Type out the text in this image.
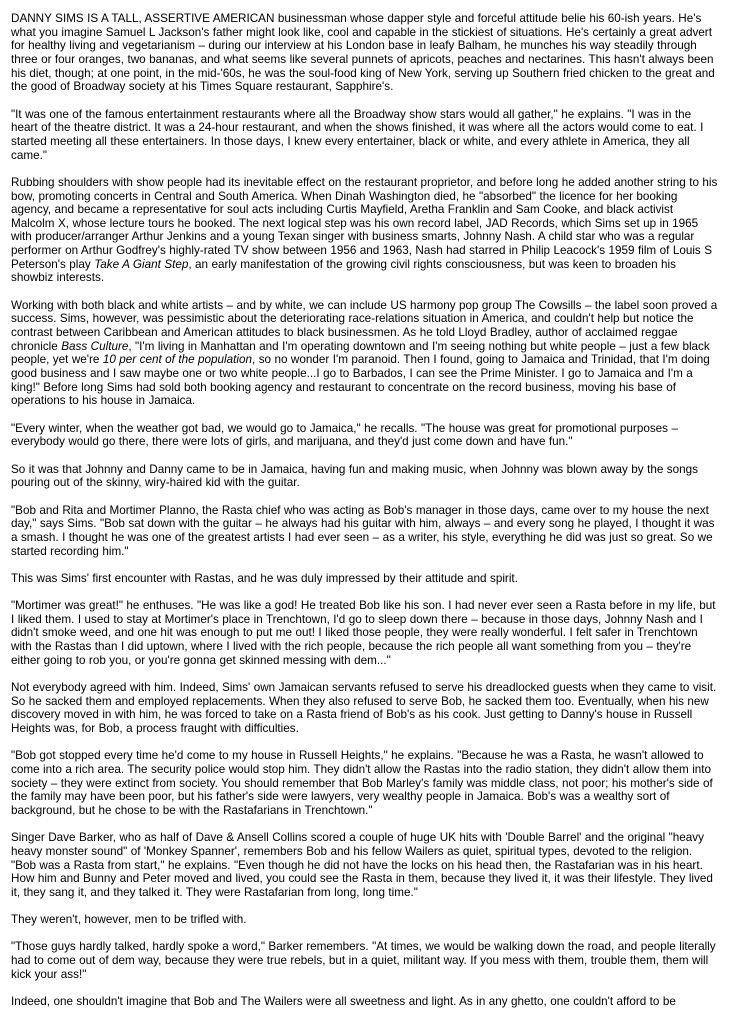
DANNY SIMS IS A TALL, ASSERTIVE AMERICAN businessman whose dapper style and forceful attitude belie his 60-ish years. He's what you imagine Samuel L Jackson's father might look like, cool and capable in the stickiest of situations. He's certainly a great advert for healthy living and vegetarianism – during our interview at his London base in leafy Balham, he munches his way steadily through three or four oranges, two bananas, and what seems like several punnets of apricots, peaches and nectarines. This hasn't always been his diet, though; at one point, in the mid-'60s, he was the soul-food king of New York, serving up Southern fried chicken to the great and the good of Broadway society at his Times Square restaurant, Sapphire's.

"It was one of the famous entertainment restaurants where all the Broadway show stars would all gather," he explains. "I was in the heart of the theatre district. It was a 24-hour restaurant, and when the shows finished, it was where all the actors would come to eat. I started meeting all these entertainers. In those days, I knew every entertainer, black or white, and every athlete in America, they all came."

Rubbing shoulders with show people had its inevitable effect on the restaurant proprietor, and before long he added another string to his bow, promoting concerts in Central and South America. When Dinah Washington died, he "absorbed" the licence for her booking agency, and became a representative for soul acts including Curtis Mayfield, Aretha Franklin and Sam Cooke, and black activist Malcolm X, whose lecture tours he booked. The next logical step was his own record label, JAD Records, which Sims set up in 1965 with producer/arranger Arthur Jenkins and a young Texan singer with business smarts, Johnny Nash. A child star who was a regular performer on Arthur Godfrey's highly-rated TV show between 1956 and 1963, Nash had starred in Philip Leacock's 1959 film of Louis S Peterson's play Take A Giant Step, an early manifestation of the growing civil rights consciousness, but was keen to broaden his showbiz interests.

Working with both black and white artists – and by white, we can include US harmony pop group The Cowsills – the label soon proved a success. Sims, however, was pessimistic about the deteriorating race-relations situation in America, and couldn't help but notice the contrast between Caribbean and American attitudes to black businessmen. As he told Lloyd Bradley, author of acclaimed reggae chronicle Bass Culture, "I'm living in Manhattan and I'm operating downtown and I'm seeing nothing but white people – just a few black people, yet we're 10 per cent of the population, so no wonder I'm paranoid. Then I found, going to Jamaica and Trinidad, that I'm doing good business and I saw maybe one or two white people...I go to Barbados, I can see the Prime Minister. I go to Jamaica and I'm a king!" Before long Sims had sold both booking agency and restaurant to concentrate on the record business, moving his base of operations to his house in Jamaica.

"Every winter, when the weather got bad, we would go to Jamaica," he recalls. "The house was great for promotional purposes – everybody would go there, there were lots of girls, and marijuana, and they'd just come down and have fun."

So it was that Johnny and Danny came to be in Jamaica, having fun and making music, when Johnny was blown away by the songs pouring out of the skinny, wiry-haired kid with the guitar.

"Bob and Rita and Mortimer Planno, the Rasta chief who was acting as Bob's manager in those days, came over to my house the next day," says Sims. "Bob sat down with the guitar – he always had his guitar with him, always – and every song he played, I thought it was a smash. I thought he was one of the greatest artists I had ever seen – as a writer, his style, everything he did was just so great. So we started recording him."

This was Sims' first encounter with Rastas, and he was duly impressed by their attitude and spirit.

"Mortimer was great!" he enthuses. "He was like a god! He treated Bob like his son. I had never ever seen a Rasta before in my life, but I liked them. I used to stay at Mortimer's place in Trenchtown, I'd go to sleep down there – because in those days, Johnny Nash and I didn't smoke weed, and one hit was enough to put me out! I liked those people, they were really wonderful. I felt safer in Trenchtown with the Rastas than I did uptown, where I lived with the rich people, because the rich people all want something from you – they're either going to rob you, or you're gonna get skinned messing with dem..."

Not everybody agreed with him. Indeed, Sims' own Jamaican servants refused to serve his dreadlocked guests when they came to visit. So he sacked them and employed replacements. When they also refused to serve Bob, he sacked them too. Eventually, when his new discovery moved in with him, he was forced to take on a Rasta friend of Bob's as his cook. Just getting to Danny's house in Russell Heights was, for Bob, a process fraught with difficulties.

"Bob got stopped every time he'd come to my house in Russell Heights," he explains. "Because he was a Rasta, he wasn't allowed to come into a rich area. The security police would stop him. They didn't allow the Rastas into the radio station, they didn't allow them into society – they were extinct from society. You should remember that Bob Marley's family was middle class, not poor; his mother's side of the family may have been poor, but his father's side were lawyers, very wealthy people in Jamaica. Bob's was a wealthy sort of background, but he chose to be with the Rastafarians in Trenchtown."

Singer Dave Barker, who as half of Dave & Ansell Collins scored a couple of huge UK hits with 'Double Barrel' and the original "heavy heavy monster sound" of 'Monkey Spanner', remembers Bob and his fellow Wailers as quiet, spiritual types, devoted to the religion. "Bob was a Rasta from start," he explains. "Even though he did not have the locks on his head then, the Rastafarian was in his heart. How him and Bunny and Peter moved and lived, you could see the Rasta in them, because they lived it, it was their lifestyle. They lived it, they sang it, and they talked it. They were Rastafarian from long, long time."

They weren't, however, men to be trifled with.

"Those guys hardly talked, hardly spoke a word," Barker remembers. "At times, we would be walking down the road, and people literally had to come out of dem way, because they were true rebels, but in a quiet, militant way. If you mess with them, trouble them, them will kick your ass!"

Indeed, one shouldn't imagine that Bob and The Wailers were all sweetness and light. As in any ghetto, one couldn't afford to be
